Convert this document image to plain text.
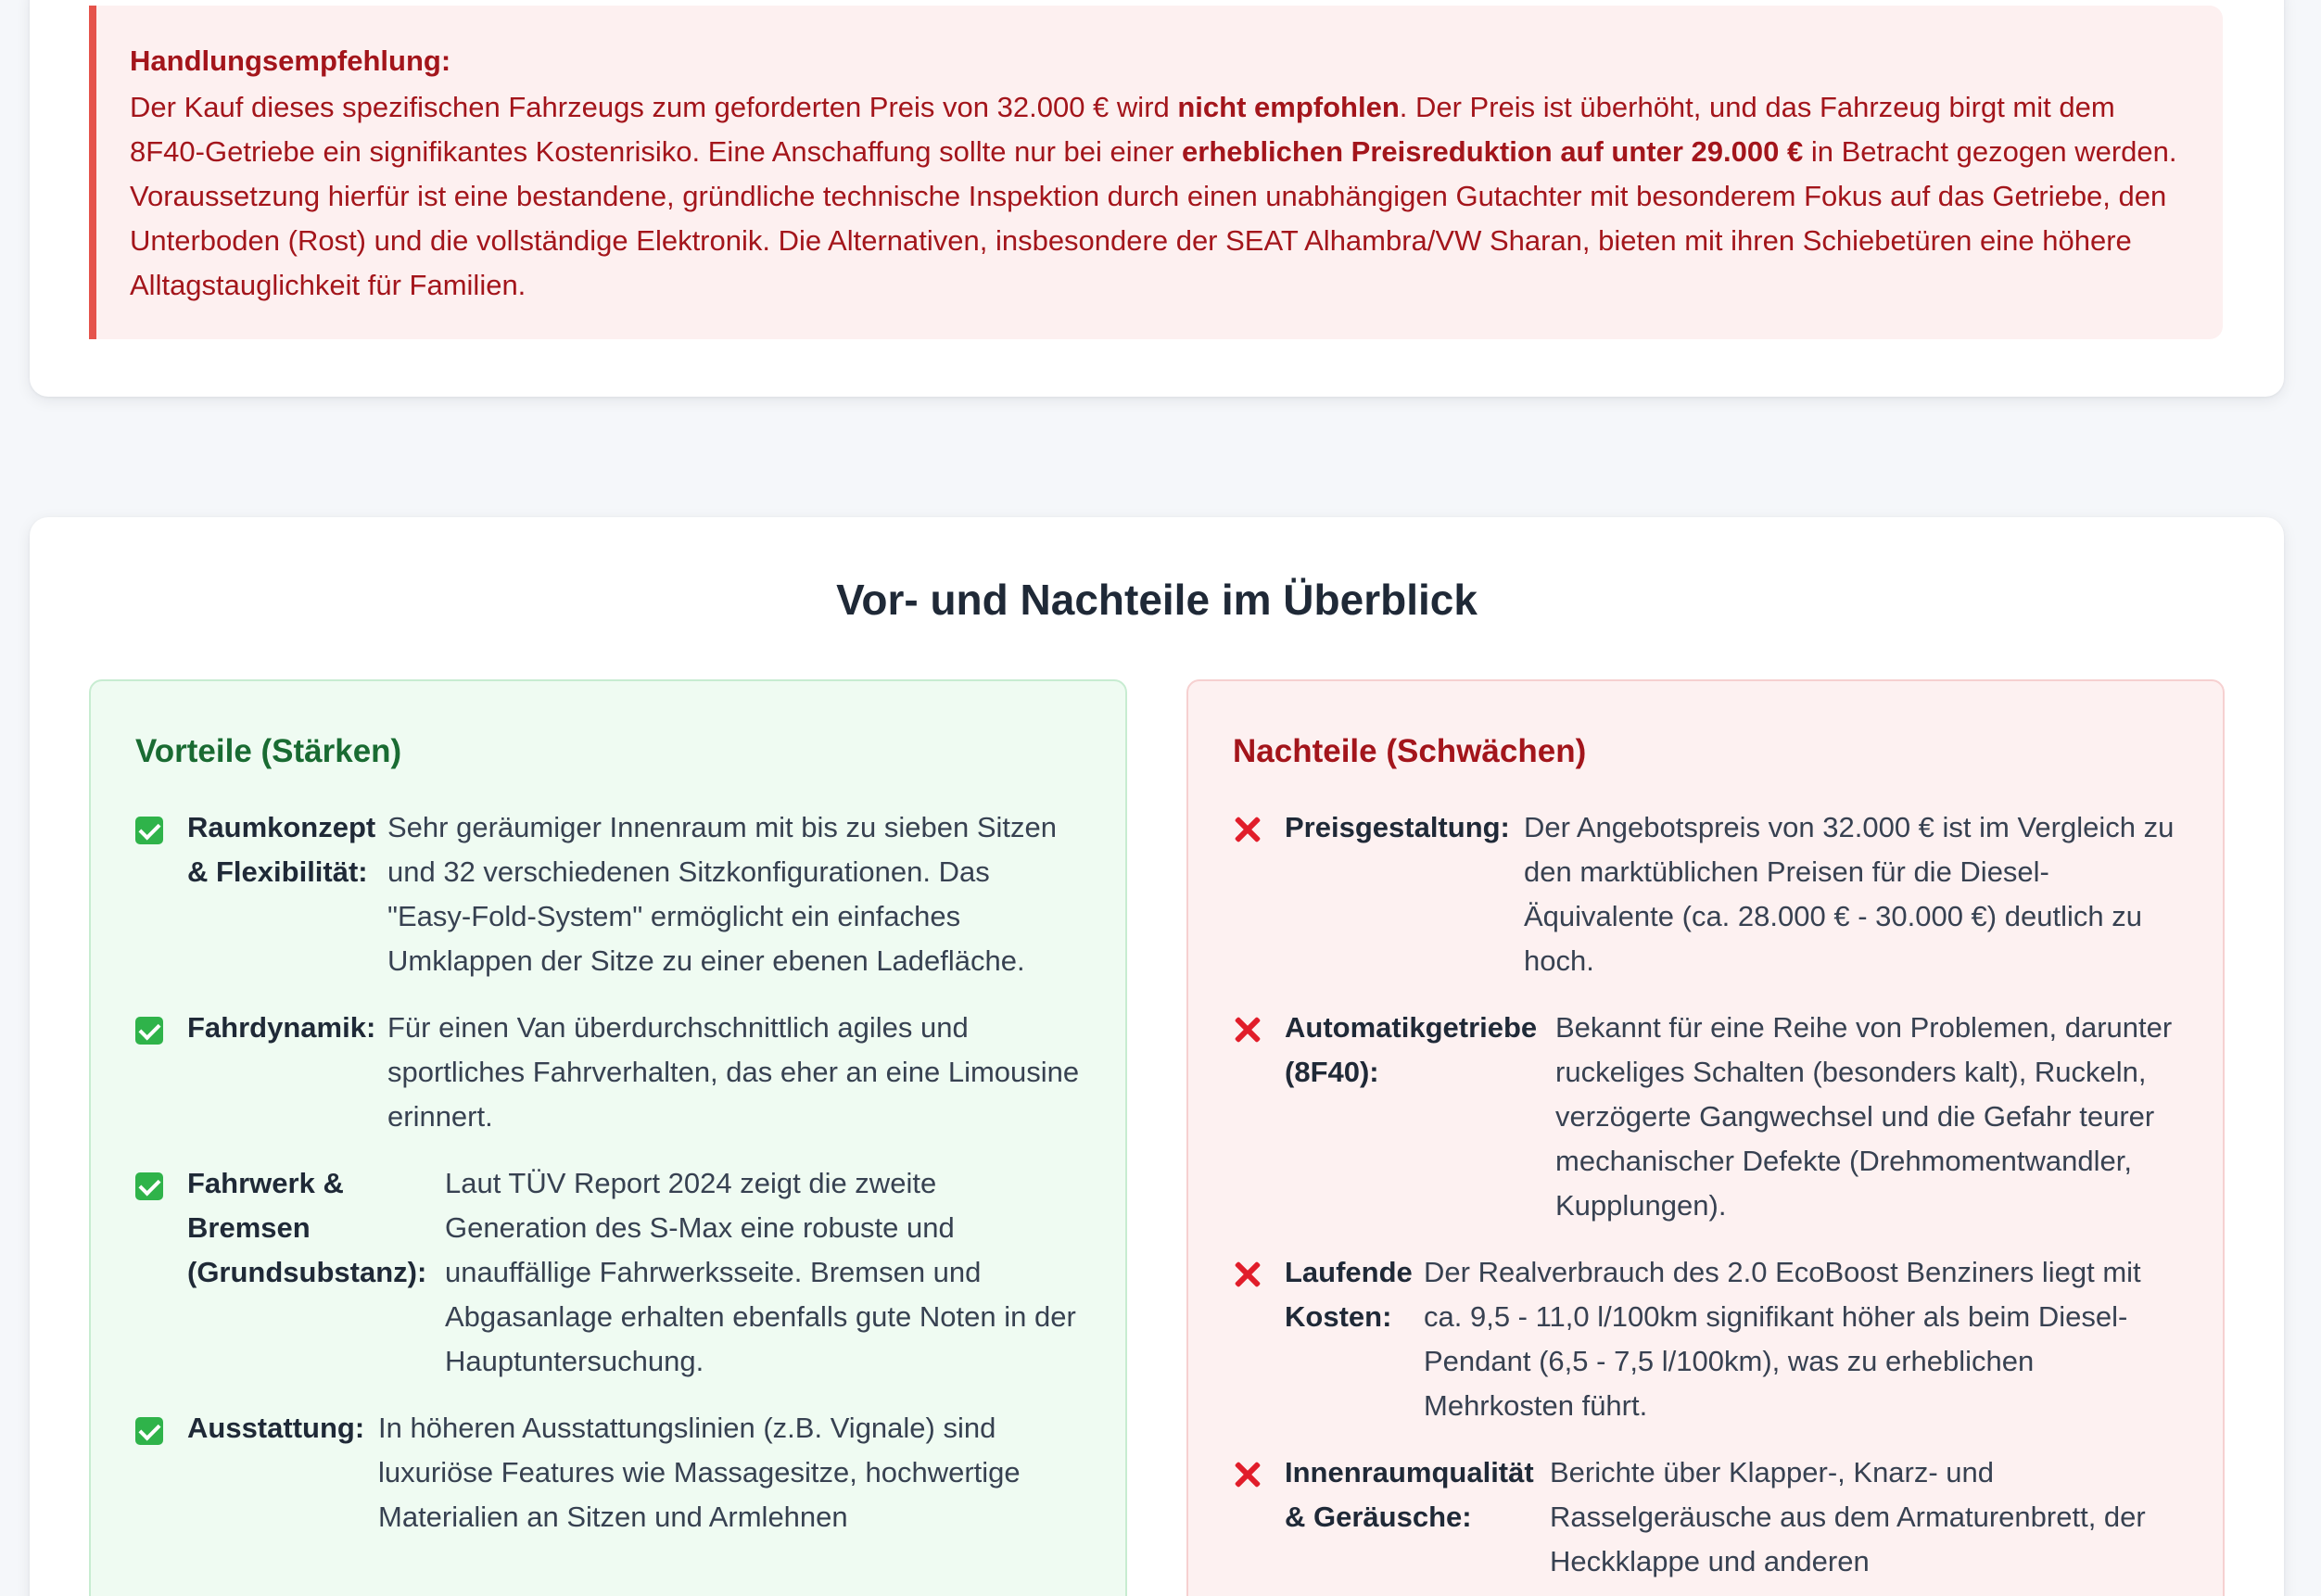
Handlungsempfehlung:

Der Kauf dieses spezifischen Fahrzeugs zum geforderten Preis von 32.000 € wird nicht empfohlen. Der Preis ist überhöht, und das Fahrzeug birgt mit dem 8F40-Getriebe ein signifikantes Kostenrisiko. Eine Anschaffung sollte nur bei einer erheblichen Preisreduktion auf unter 29.000 € in Betracht gezogen werden. Voraussetzung hierfür ist eine bestandene, gründliche technische Inspektion durch einen unabhängigen Gutachter mit besonderem Fokus auf das Getriebe, den Unterboden (Rost) und die vollständige Elektronik. Die Alternativen, insbesondere der SEAT Alhambra/VW Sharan, bieten mit ihren Schiebetüren eine höhere Alltagstauglichkeit für Familien.

Vor- und Nachteile im Überblick
Vorteile (Stärken)
Raumkonzept & Flexibilität:
Sehr geräumiger Innenraum mit bis zu sieben Sitzen und 32 verschiedenen Sitzkonfigurationen. Das "Easy-Fold-System" ermöglicht ein einfaches Umklappen der Sitze zu einer ebenen Ladefläche.
Fahrdynamik: Für einen Van überdurchschnittlich agiles und sportliches Fahrverhalten, das eher an eine Limousine erinnert.
Fahrwerk & Bremsen (Grundsubstanz):
Laut TÜV Report 2024 zeigt die zweite Generation des S-Max eine robuste und unauffällige Fahrwerksseite. Bremsen und Abgasanlage erhalten ebenfalls gute Noten in der Hauptuntersuchung.
Ausstattung: In höheren Ausstattungslinien (z.B. Vignale) sind luxuriöse Features wie Massagesitze, hochwertige Materialien an Sitzen und Armlehnen
Nachteile (Schwächen)
Preisgestaltung: Der Angebotspreis von 32.000 € ist im Vergleich zu den marktüblichen Preisen für die Diesel-Äquivalente (ca. 28.000 € - 30.000 €) deutlich zu hoch.
Automatikgetriebe (8F40):
Bekannt für eine Reihe von Problemen, darunter ruckeliges Schalten (besonders kalt), Ruckeln, verzögerte Gangwechsel und die Gefahr teurer mechanischer Defekte (Drehmomentwandler, Kupplungen).
Laufende Kosten:
Der Realverbrauch des 2.0 EcoBoost Benziners liegt mit ca. 9,5 - 11,0 l/100km signifikant höher als beim Diesel-Pendant (6,5 - 7,5 l/100km), was zu erheblichen Mehrkosten führt.
Innenraumqualität & Geräusche:
Berichte über Klapper-, Knarz- und Rasselgeräusche aus dem Armaturenbrett, der Heckklappe und anderen
